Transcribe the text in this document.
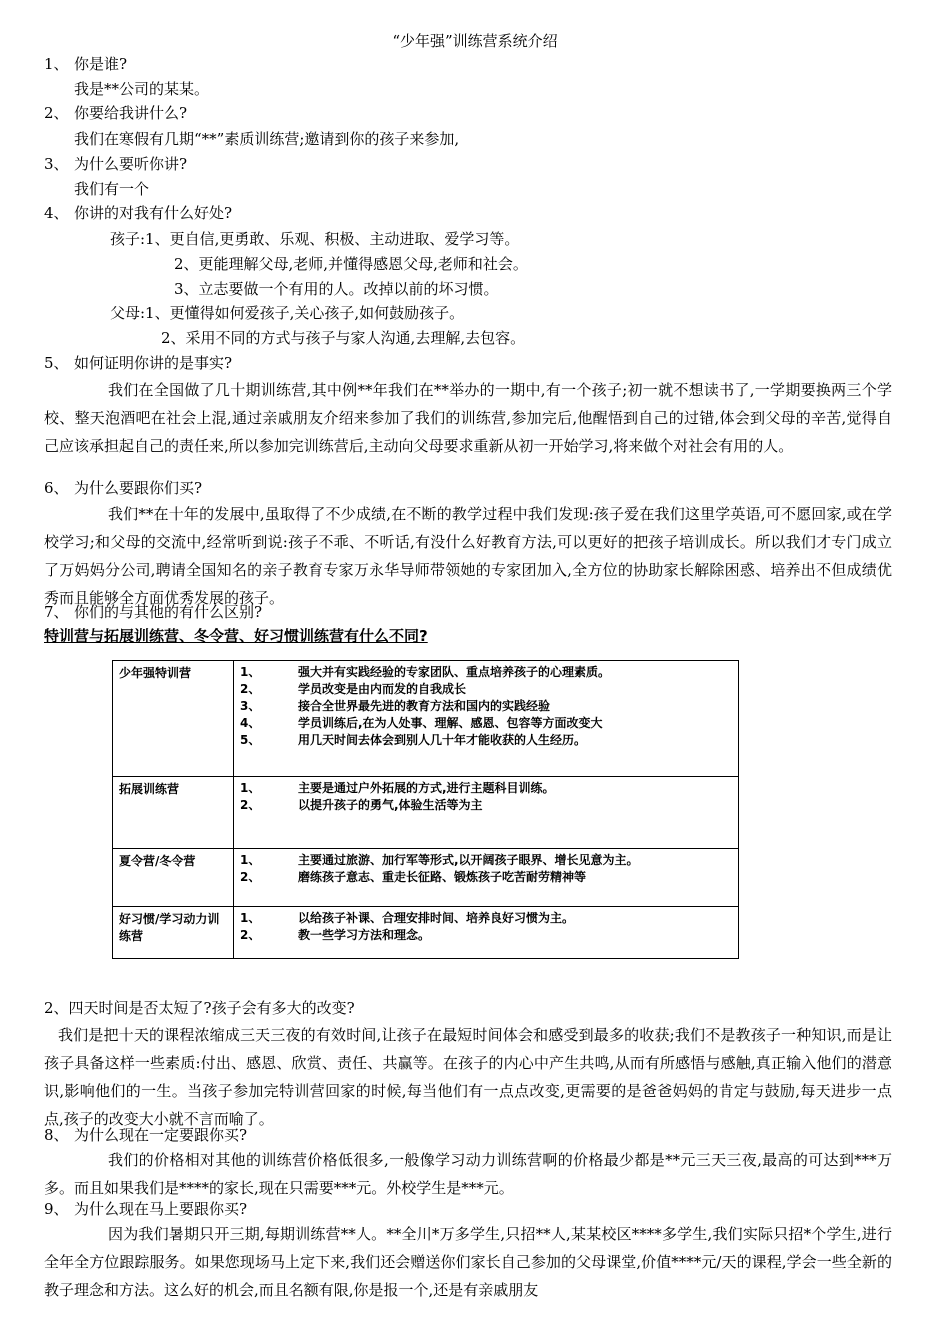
“少年强”训练营系统介绍
1、 你是谁?
我是**公司的某某。
2、 你要给我讲什么?
我们在寒假有几期“**”素质训练营;邀请到你的孩子来参加,
3、 为什么要听你讲?
我们有一个
4、 你讲的对我有什么好处?
孩子:1、更自信,更勇敢、乐观、积极、主动进取、爱学习等。
2、更能理解父母,老师,并懂得感恩父母,老师和社会。
3、立志要做一个有用的人。改掉以前的坏习惯。
父母:1、更懂得如何爱孩子,关心孩子,如何鼓励孩子。
2、采用不同的方式与孩子与家人沟通,去理解,去包容。
5、 如何证明你讲的是事实?
我们在全国做了几十期训练营,其中例**年我们在**举办的一期中,有一个孩子;初一就不想读书了,一学期要换两三个学校、整天泡酒吧在社会上混,通过亲戚朋友介绍来参加了我们的训练营,参加完后,他醒悟到自己的过错,体会到父母的辛苦,觉得自己应该承担起自己的责任来,所以参加完训练营后,主动向父母要求重新从初一开始学习,将来做个对社会有用的人。
6、 为什么要跟你们买?
我们**在十年的发展中,虽取得了不少成绩,在不断的教学过程中我们发现:孩子爱在我们这里学英语,可不愿回家,或在学校学习;和父母的交流中,经常听到说:孩子不乖、不听话,有没什么好教育方法,可以更好的把孩子培训成长。所以我们才专门成立了万妈妈分公司,聘请全国知名的亲子教育专家万永华导师带领她的专家团加入,全方位的协助家长解除困惑、培养出不但成绩优秀而且能够全方面优秀发展的孩子。
7、 你们的与其他的有什么区别?
特训营与拓展训练营、冬令营、好习惯训练营有什么不同?
少年强特训营	1、 强大并有实践经验的专家团队、重点培养孩子的心理素质。
2、 学员改变是由内而发的自我成长
3、 接合全世界最先进的教育方法和国内的实践经验
4、 学员训练后,在为人处事、理解、感恩、包容等方面改变大
5、 用几天时间去体会到别人几十年才能收获的人生经历。

拓展训练营	1、 主要是通过户外拓展的方式,进行主题科目训练。
2、 以提升孩子的勇气,体验生活等为主

夏令营/冬令营	1、 主要通过旅游、加行军等形式,以开阔孩子眼界、增长见意为主。
2、 磨练孩子意志、重走长征路、锻炼孩子吃苦耐劳精神等

好习惯/学习动力训练营	1、 以给孩子补课、合理安排时间、培养良好习惯为主。
2、 教一些学习方法和理念。
2、四天时间是否太短了?孩子会有多大的改变?
我们是把十天的课程浓缩成三天三夜的有效时间,让孩子在最短时间体会和感受到最多的收获;我们不是教孩子一种知识,而是让孩子具备这样一些素质:付出、感恩、欣赏、责任、共赢等。在孩子的内心中产生共鸣,从而有所感悟与感触,真正输入他们的潜意识,影响他们的一生。当孩子参加完特训营回家的时候,每当他们有一点点改变,更需要的是爸爸妈妈的肯定与鼓励,每天进步一点点,孩子的改变大小就不言而喻了。
8、 为什么现在一定要跟你买?
我们的价格相对其他的训练营价格低很多,一般像学习动力训练营啊的价格最少都是**元三天三夜,最高的可达到***万多。而且如果我们是****的家长,现在只需要***元。外校学生是***元。
9、 为什么现在马上要跟你买?
因为我们暑期只开三期,每期训练营**人。**全川*万多学生,只招**人,某某校区****多学生,我们实际只招*个学生,进行全年全方位跟踪服务。如果您现场马上定下来,我们还会赠送你们家长自己参加的父母课堂,价值****元/天的课程,学会一些全新的教子理念和方法。这么好的机会,而且名额有限,你是报一个,还是有亲戚朋友
